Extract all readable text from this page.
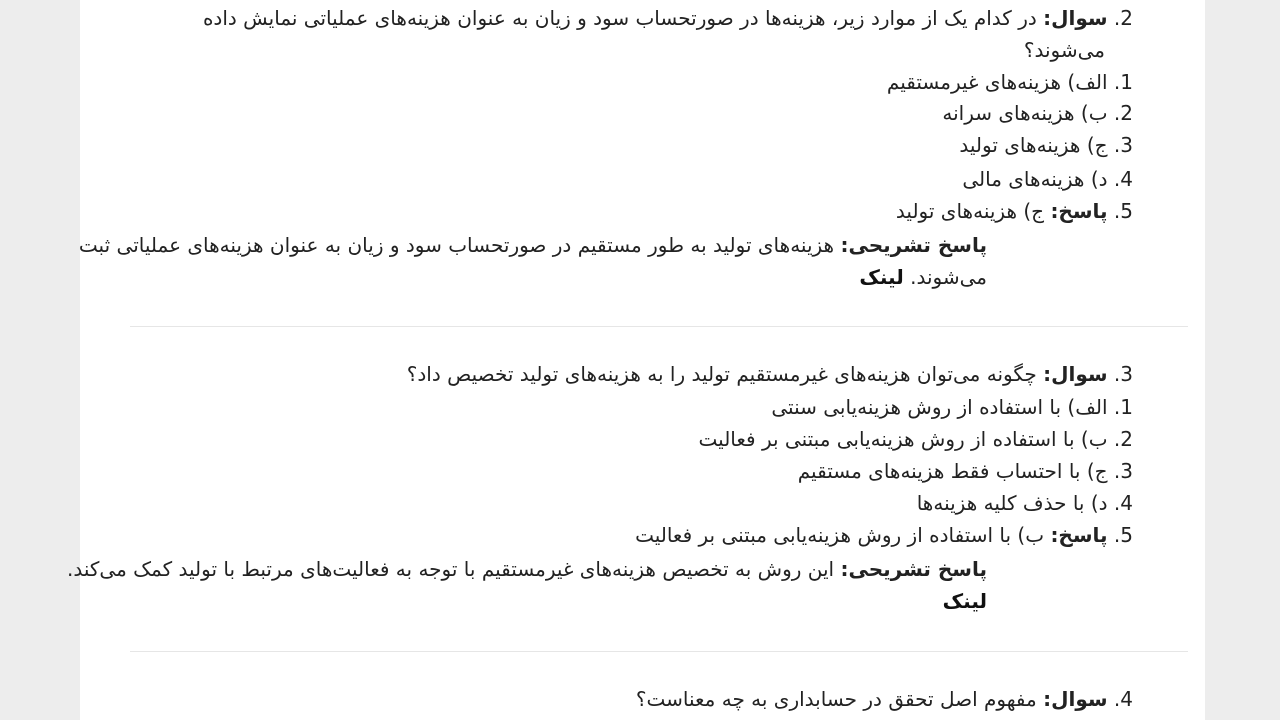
2. سوال: در کدام یک از موارد زیر، هزینه‌ها در صورتحساب سود و زیان به عنوان هزینه‌های عملیاتی نمایش داده
می‌شوند؟
1. الف) هزینه‌های غیرمستقیم
2. ب) هزینه‌های سرانه
3. ج) هزینه‌های تولید
4. د) هزینه‌های مالی
5. پاسخ: ج) هزینه‌های تولید
پاسخ تشریحی: هزینه‌های تولید به طور مستقیم در صورتحساب سود و زیان به عنوان هزینه‌های عملیاتی ثبت می‌شوند. لینک
3. سوال: چگونه می‌توان هزینه‌های غیرمستقیم تولید را به هزینه‌های تولید تخصیص داد؟
1. الف) با استفاده از روش هزینه‌یابی سنتی
2. ب) با استفاده از روش هزینه‌یابی مبتنی بر فعالیت
3. ج) با احتساب فقط هزینه‌های مستقیم
4. د) با حذف کلیه هزینه‌ها
5. پاسخ: ب) با استفاده از روش هزینه‌یابی مبتنی بر فعالیت
پاسخ تشریحی: این روش به تخصیص هزینه‌های غیرمستقیم با توجه به فعالیت‌های مرتبط با تولید کمک می‌کند. لینک
4. سوال: مفهوم اصل تحقق در حسابداری به چه معناست؟
